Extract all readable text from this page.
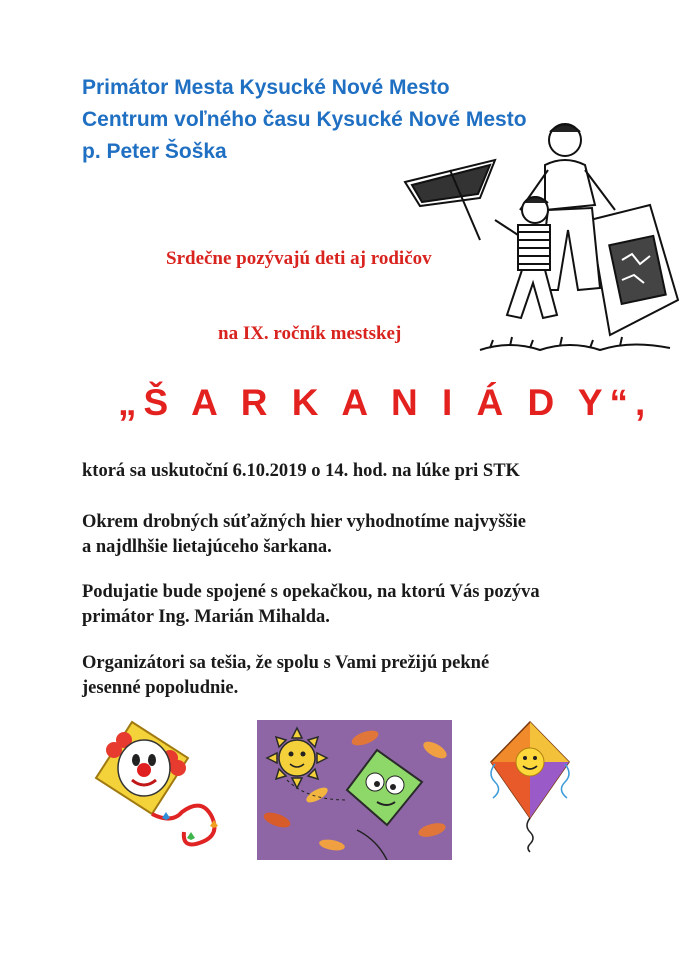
Primátor Mesta Kysucké Nové Mesto
Centrum voľného času Kysucké Nové Mesto
p. Peter Šoška
Srdečne pozývajú deti aj rodičov
na IX. ročník mestskej
„Š A R K A N I Á D Y“,
ktorá sa uskutoční 6.10.2019 o 14. hod. na lúke pri STK
Okrem drobných súťažných hier vyhodnotíme najvyššie
a najdlhšie lietajúceho šarkana.
Podujatie bude spojené s opekačkou, na ktorú Vás pozýva
primátor Ing. Marián Mihalda.
Organizátori sa tešia, že spolu s Vami prežijú pekné
jesenné popoludnie.
